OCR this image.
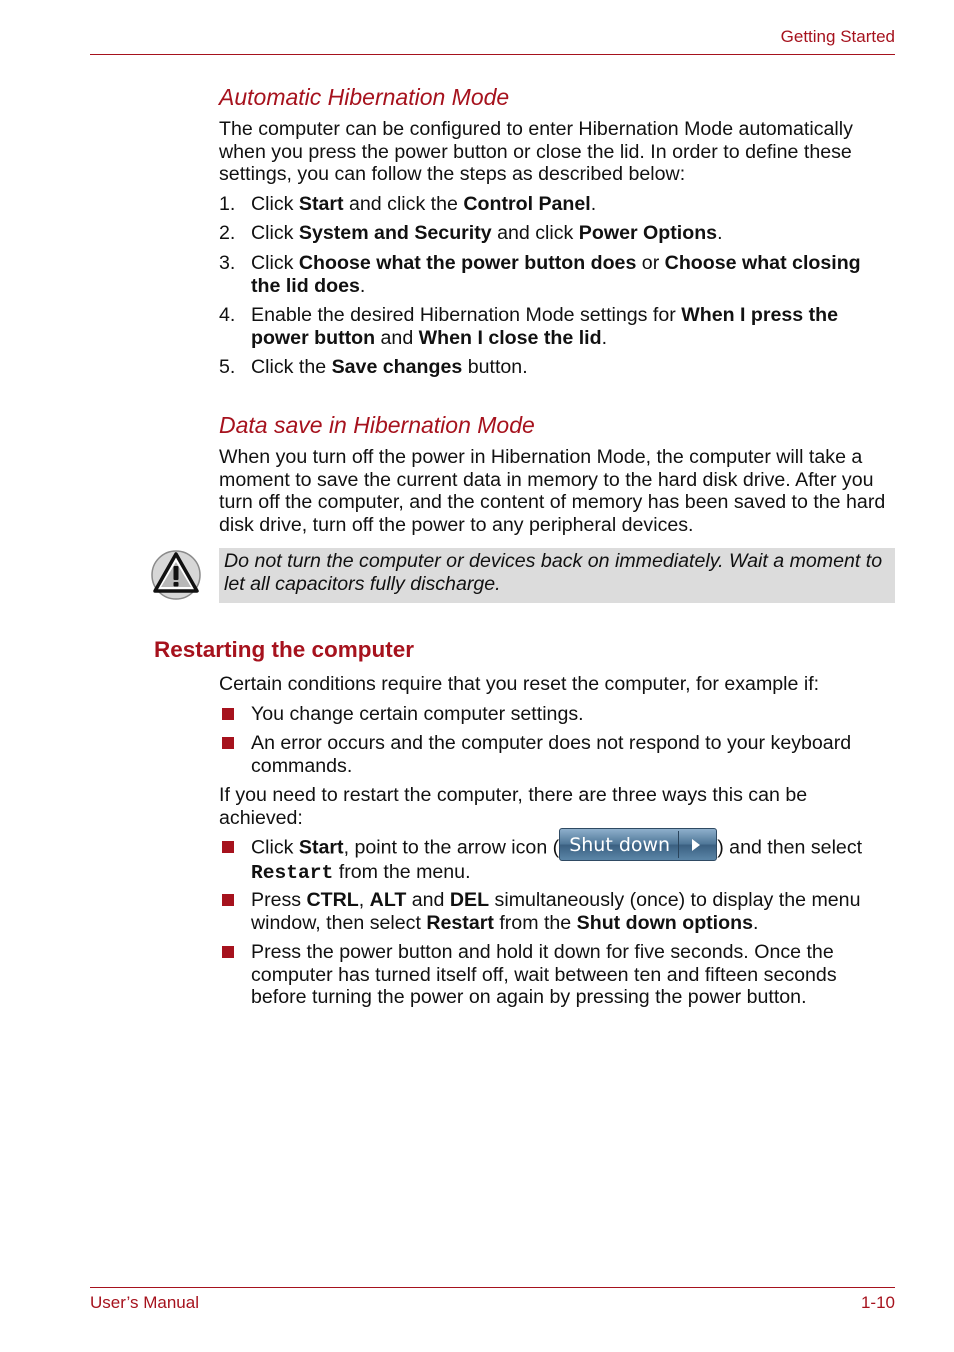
Getting Started
Automatic Hibernation Mode
The computer can be configured to enter Hibernation Mode automatically when you press the power button or close the lid. In order to define these settings, you can follow the steps as described below:
1. Click Start and click the Control Panel.
2. Click System and Security and click Power Options.
3. Click Choose what the power button does or Choose what closing the lid does.
4. Enable the desired Hibernation Mode settings for When I press the power button and When I close the lid.
5. Click the Save changes button.
Data save in Hibernation Mode
When you turn off the power in Hibernation Mode, the computer will take a moment to save the current data in memory to the hard disk drive. After you turn off the computer, and the content of memory has been saved to the hard disk drive, turn off the power to any peripheral devices.
Do not turn the computer or devices back on immediately. Wait a moment to let all capacitors fully discharge.
Restarting the computer
Certain conditions require that you reset the computer, for example if:
You change certain computer settings.
An error occurs and the computer does not respond to your keyboard commands.
If you need to restart the computer, there are three ways this can be achieved:
Click Start, point to the arrow icon ( Shut down ) and then select
Restart from the menu.
Press CTRL, ALT and DEL simultaneously (once) to display the menu window, then select Restart from the Shut down options.
Press the power button and hold it down for five seconds. Once the computer has turned itself off, wait between ten and fifteen seconds before turning the power on again by pressing the power button.
User’s Manual	1-10
